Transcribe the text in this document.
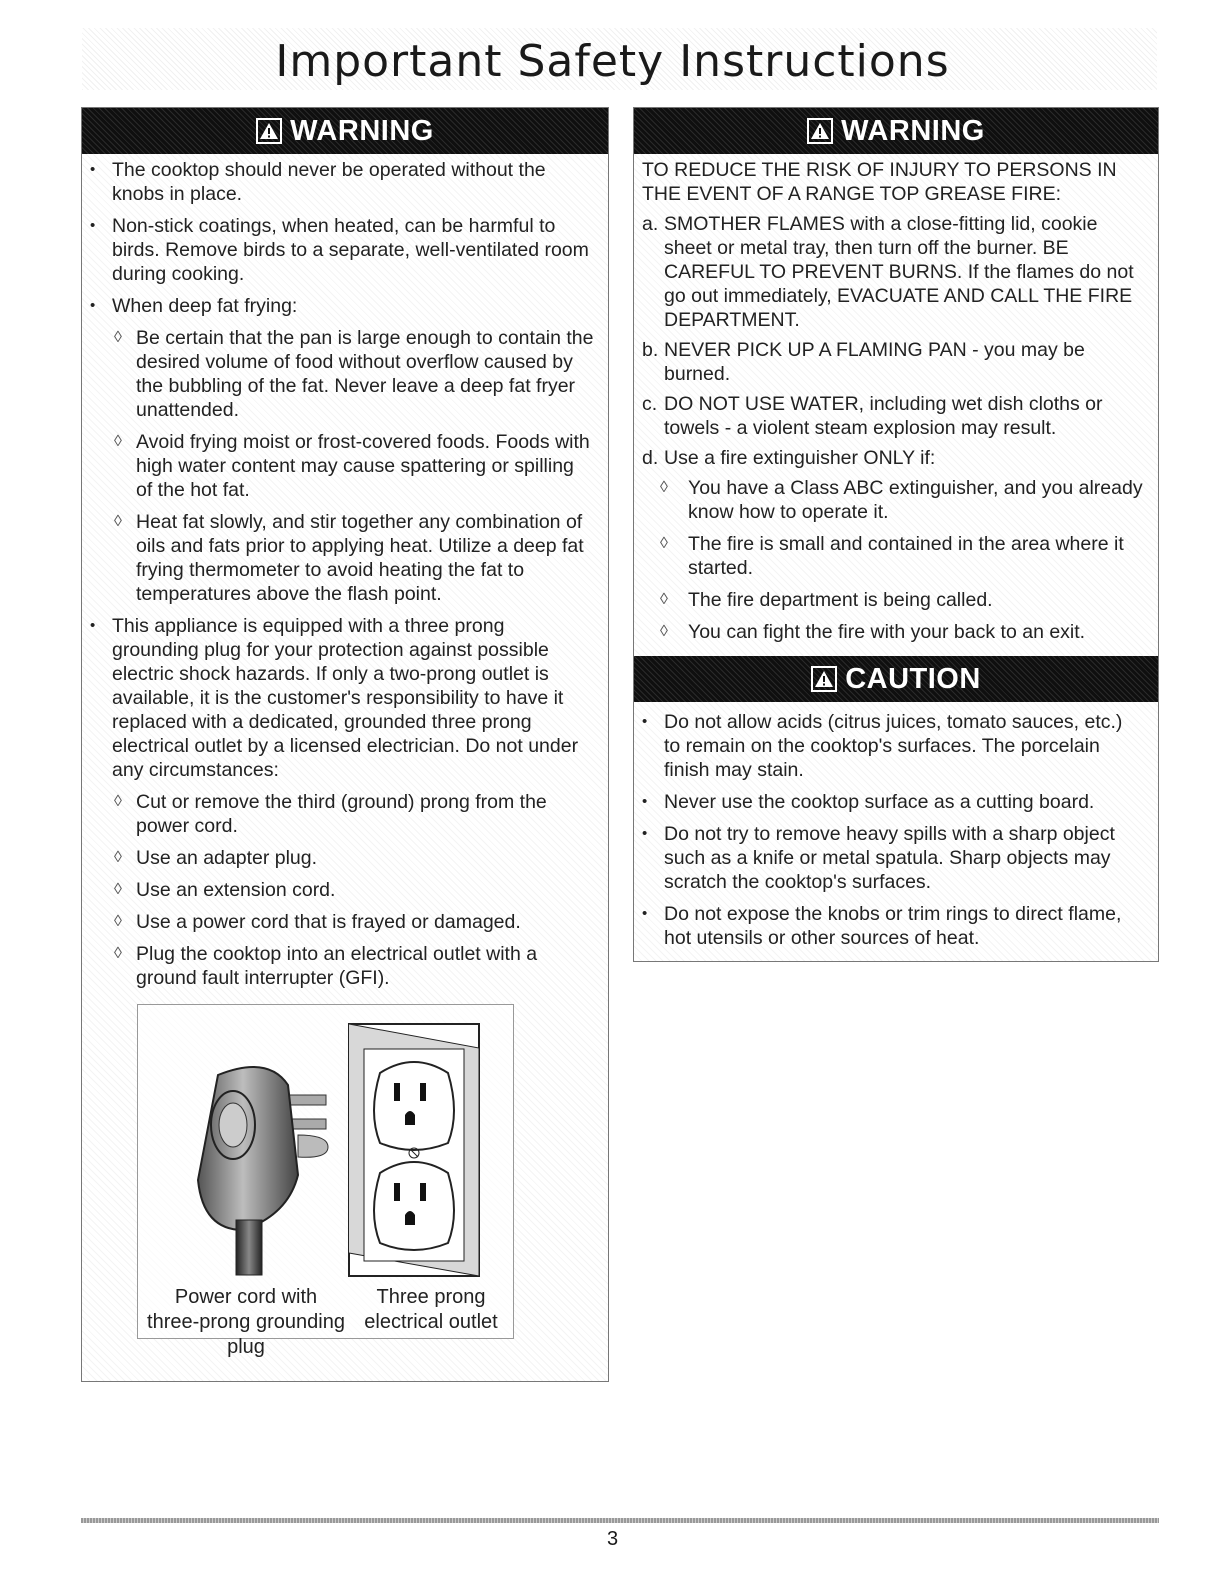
Important Safety Instructions
WARNING

• The cooktop should never be operated without the knobs in place.

• Non-stick coatings, when heated, can be harmful to birds. Remove birds to a separate, well-ventilated room during cooking.

• When deep fat frying:

◊ Be certain that the pan is large enough to contain the desired volume of food without overflow caused by the bubbling of the fat. Never leave a deep fat fryer unattended.

◊ Avoid frying moist or frost-covered foods. Foods with high water content may cause spattering or spilling of the hot fat.

◊ Heat fat slowly, and stir together any combination of oils and fats prior to applying heat. Utilize a deep fat frying thermometer to avoid heating the fat to temperatures above the flash point.

• This appliance is equipped with a three prong grounding plug for your protection against possible electric shock hazards. If only a two-prong outlet is available, it is the customer's responsibility to have it replaced with a dedicated, grounded three prong electrical outlet by a licensed electrician. Do not under any circumstances:

◊ Cut or remove the third (ground) prong from the power cord.

◊ Use an adapter plug.

◊ Use an extension cord.

◊ Use a power cord that is frayed or damaged.

◊ Plug the cooktop into an electrical outlet with a ground fault interrupter (GFI).

Power cord with three-prong grounding plug
Three prong electrical outlet
WARNING

TO REDUCE THE RISK OF INJURY TO PERSONS IN THE EVENT OF A RANGE TOP GREASE FIRE:

a. SMOTHER FLAMES with a close-fitting lid, cookie sheet or metal tray, then turn off the burner. BE CAREFUL TO PREVENT BURNS. If the flames do not go out immediately, EVACUATE AND CALL THE FIRE DEPARTMENT.

b. NEVER PICK UP A FLAMING PAN - you may be burned.

c. DO NOT USE WATER, including wet dish cloths or towels - a violent steam explosion may result.

d. Use a fire extinguisher ONLY if:

◊ You have a Class ABC extinguisher, and you already know how to operate it.

◊ The fire is small and contained in the area where it started.

◊ The fire department is being called.

◊ You can fight the fire with your back to an exit.

CAUTION

• Do not allow acids (citrus juices, tomato sauces, etc.) to remain on the cooktop's surfaces. The porcelain finish may stain.

• Never use the cooktop surface as a cutting board.

• Do not try to remove heavy spills with a sharp object such as a knife or metal spatula. Sharp objects may scratch the cooktop's surfaces.

• Do not expose the knobs or trim rings to direct flame, hot utensils or other sources of heat.

3
